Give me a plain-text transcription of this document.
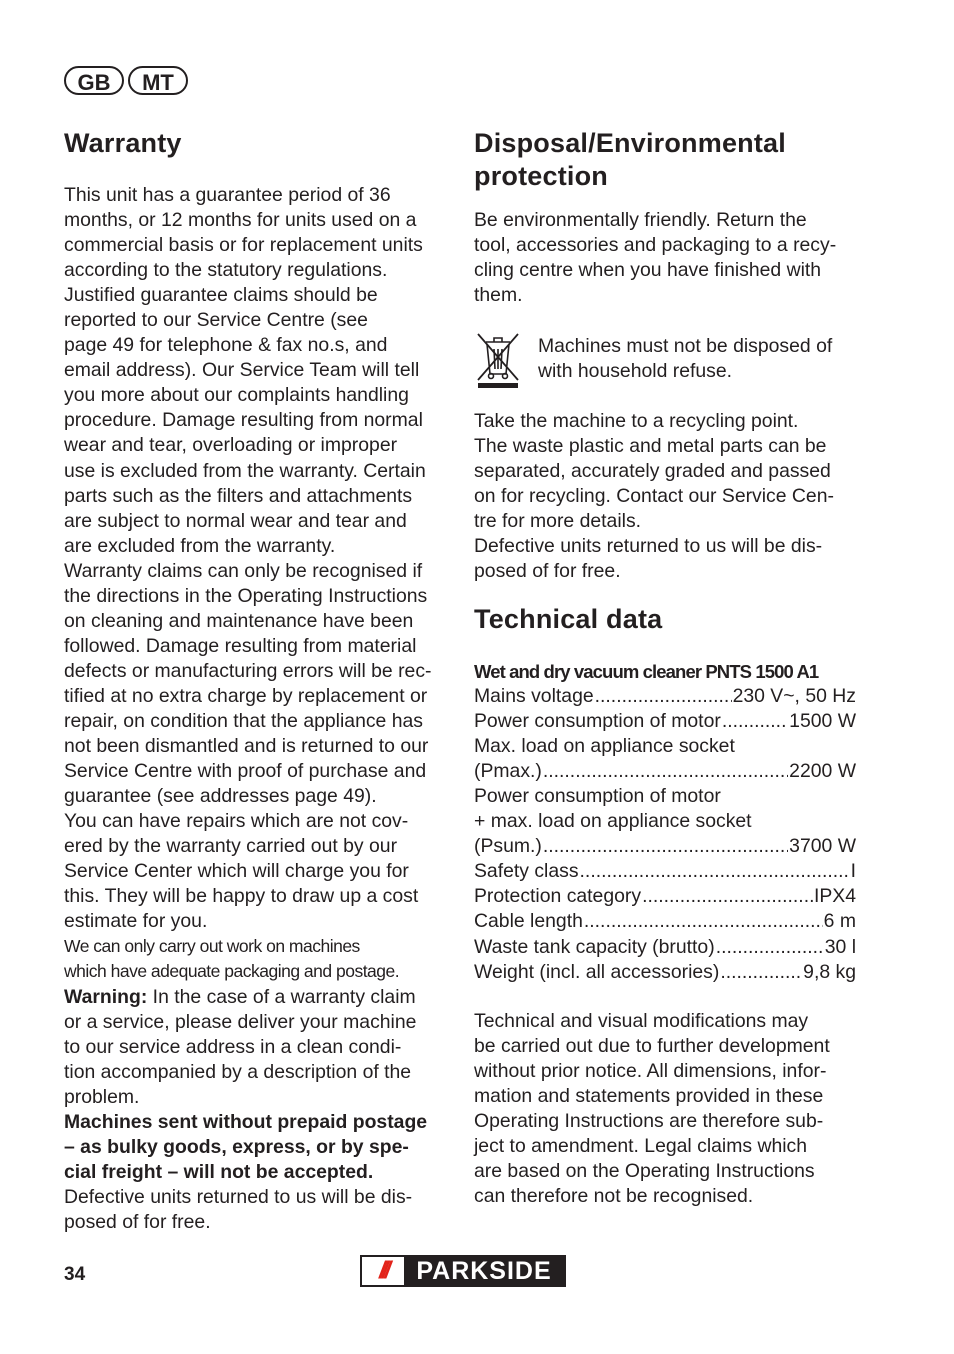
GB	MT
Warranty

This unit has a guarantee period of 36

months, or 12 months for units used on a

commercial basis or for replacement units

according to the statutory regulations.

Justified guarantee claims should be

reported to our Service Centre (see

page 49 for telephone & fax no.s, and

email address). Our Service Team will tell

you more about our complaints handling

procedure. Damage resulting from normal

wear and tear, overloading or improper

use is excluded from the warranty. Certain

parts such as the filters and attachments

are subject to normal wear and tear and

are excluded from the warranty.

Warranty claims can only be recognised if

the directions in the Operating Instructions

on cleaning and maintenance have been

followed. Damage resulting from material

defects or manufacturing errors will be rec-

tified at no extra charge by replacement or

repair, on condition that the appliance has

not been dismantled and is returned to our

Service Centre with proof of purchase and

guarantee (see addresses page 49).

You can have repairs which are not cov-

ered by the warranty carried out by our

Service Center which will charge you for

this. They will be happy to draw up a cost

estimate for you.

We can only carry out work on machines

which have adequate packaging and postage.

Warning: In the case of a warranty claim

or a service, please deliver your machine

to our service address in a clean condi-

tion accompanied by a description of the

problem.

Machines sent without prepaid postage

– as bulky goods, express, or by spe-

cial freight – will not be accepted.

Defective units returned to us will be dis-

posed of for free.

Disposal/Environmental
protection

Be environmentally friendly. Return the

tool, accessories and packaging to a recy-

cling centre when you have finished with

them.

Machines must not be disposed of

with household refuse.

Take the machine to a recycling point.

The waste plastic and metal parts can be

separated, accurately graded and passed

on for recycling. Contact our Service Cen-

tre for more details.

Defective units returned to us will be dis-

posed of for free.

Technical data

Wet and dry vacuum cleaner PNTS 1500 A1

Mains voltage .....	230 V~, 50 Hz
Power consumption of motor .....	1500 W

Max. load on appliance socket

(Pmax.) .....	2200 W

Power consumption of motor

+ max. load on appliance socket

(Psum.) .....	3700 W
Safety class .....	I
Protection category .....	IPX4
Cable length .....	6 m
Waste tank capacity (brutto) .....	30 l
Weight (incl. all accessories) .....	9,8 kg

Technical and visual modifications may

be carried out due to further development

without prior notice. All dimensions, infor-

mation and statements provided in these

Operating Instructions are therefore sub-

ject to amendment. Legal claims which

are based on the Operating Instructions

can therefore not be recognised.

34	///	PARKSIDE
